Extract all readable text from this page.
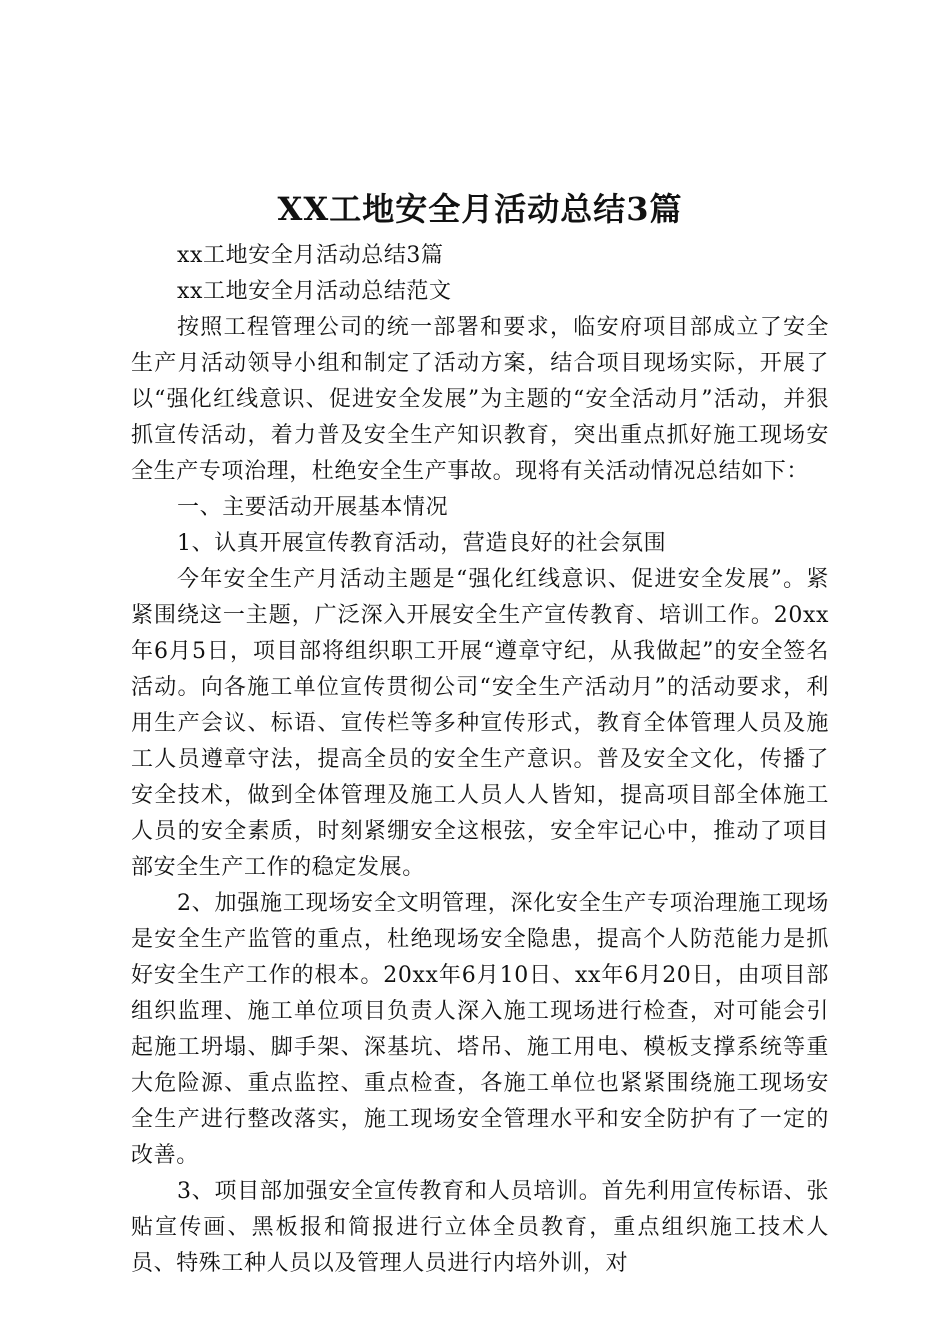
XX工地安全月活动总结3篇

xx工地安全月活动总结3篇

xx工地安全月活动总结范文

按照工程管理公司的统一部署和要求，临安府项目部成立了安全生产月活动领导小组和制定了活动方案，结合项目现场实际，开展了以“强化红线意识、促进安全发展”为主题的“安全活动月”活动，并狠抓宣传活动，着力普及安全生产知识教育，突出重点抓好施工现场安全生产专项治理，杜绝安全生产事故。现将有关活动情况总结如下：

一、主要活动开展基本情况

1、认真开展宣传教育活动，营造良好的社会氛围

今年安全生产月活动主题是“强化红线意识、促进安全发展”。紧紧围绕这一主题，广泛深入开展安全生产宣传教育、培训工作。20xx年6月5日，项目部将组织职工开展“遵章守纪，从我做起”的安全签名活动。向各施工单位宣传贯彻公司“安全生产活动月”的活动要求，利用生产会议、标语、宣传栏等多种宣传形式，教育全体管理人员及施工人员遵章守法，提高全员的安全生产意识。普及安全文化，传播了安全技术，做到全体管理及施工人员人人皆知，提高项目部全体施工人员的安全素质，时刻紧绷安全这根弦，安全牢记心中，推动了项目部安全生产工作的稳定发展。

2、加强施工现场安全文明管理，深化安全生产专项治理施工现场是安全生产监管的重点，杜绝现场安全隐患，提高个人防范能力是抓好安全生产工作的根本。20xx年6月10日、xx年6月20日，由项目部组织监理、施工单位项目负责人深入施工现场进行检查，对可能会引起施工坍塌、脚手架、深基坑、塔吊、施工用电、模板支撑系统等重大危险源、重点监控、重点检查，各施工单位也紧紧围绕施工现场安全生产进行整改落实，施工现场安全管理水平和安全防护有了一定的改善。

3、项目部加强安全宣传教育和人员培训。首先利用宣传标语、张贴宣传画、黑板报和简报进行立体全员教育，重点组织施工技术人员、特殊工种人员以及管理人员进行内培外训，对
